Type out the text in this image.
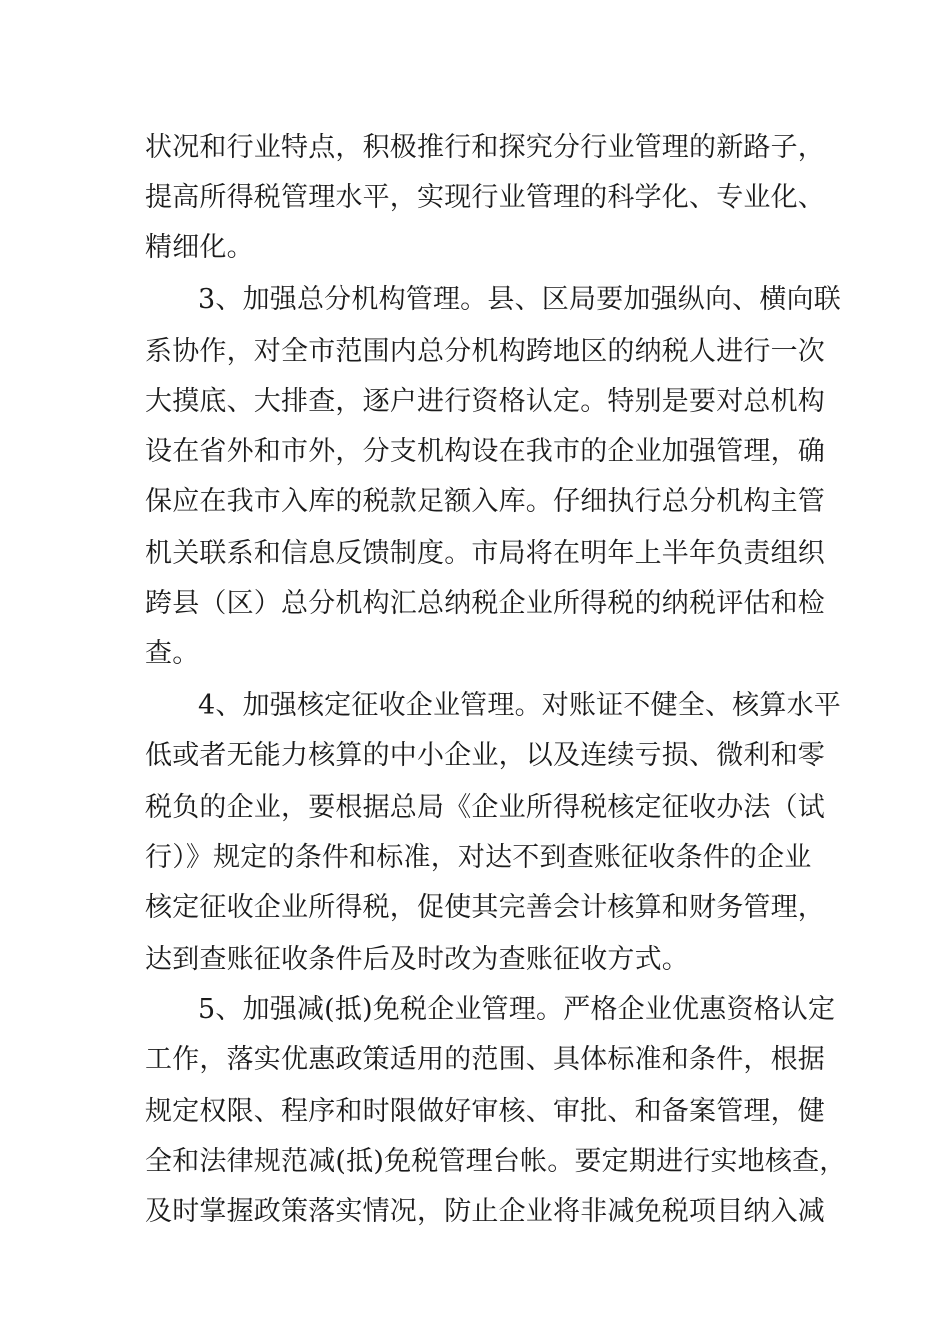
状况和行业特点，积极推行和探究分行业管理的新路子，
提高所得税管理水平，实现行业管理的科学化、专业化、
精细化。
3、加强总分机构管理。县、区局要加强纵向、横向联
系协作，对全市范围内总分机构跨地区的纳税人进行一次
大摸底、大排查，逐户进行资格认定。特别是要对总机构
设在省外和市外，分支机构设在我市的企业加强管理，确
保应在我市入库的税款足额入库。仔细执行总分机构主管
机关联系和信息反馈制度。市局将在明年上半年负责组织
跨县（区）总分机构汇总纳税企业所得税的纳税评估和检
查。
4、加强核定征收企业管理。对账证不健全、核算水平
低或者无能力核算的中小企业，以及连续亏损、微利和零
税负的企业，要根据总局《企业所得税核定征收办法（试
行）》规定的条件和标准，对达不到查账征收条件的企业
核定征收企业所得税，促使其完善会计核算和财务管理，
达到查账征收条件后及时改为查账征收方式。
5、加强减(抵)免税企业管理。严格企业优惠资格认定
工作，落实优惠政策适用的范围、具体标准和条件，根据
规定权限、程序和时限做好审核、审批、和备案管理，健
全和法律规范减(抵)免税管理台帐。要定期进行实地核查，
及时掌握政策落实情况，防止企业将非减免税项目纳入减
